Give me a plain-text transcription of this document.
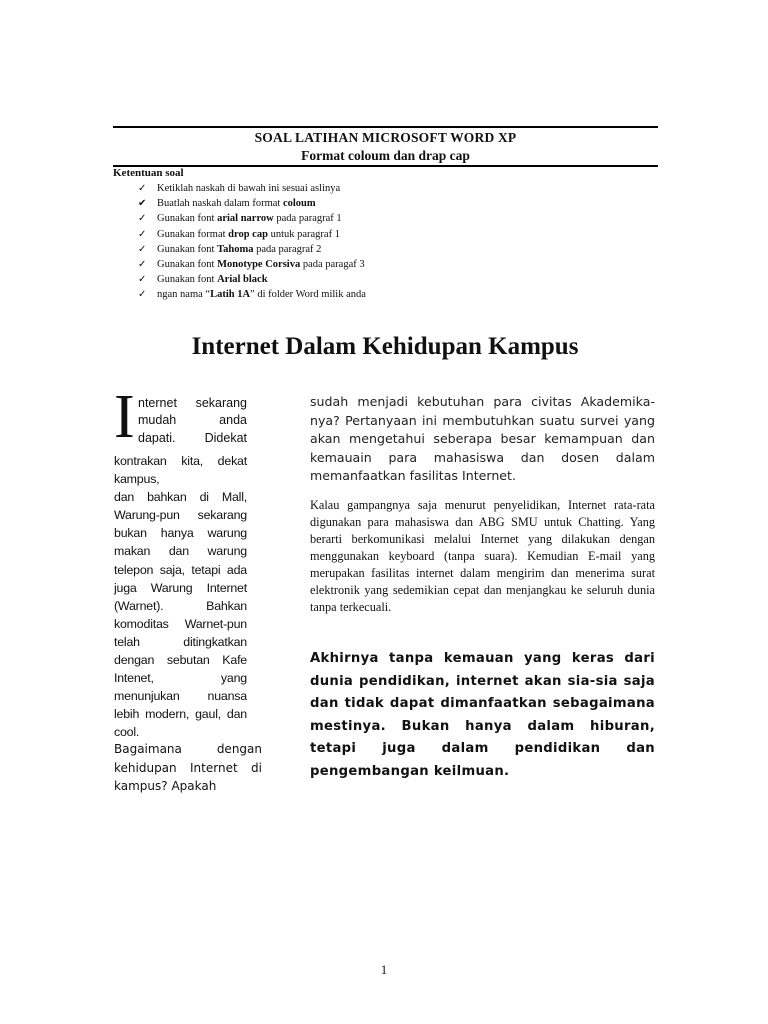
SOAL LATIHAN MICROSOFT WORD XP
Format coloum dan drap cap
Ketentuan soal
✓ Ketiklah naskah di bawah ini sesuai aslinya
✔ Buatlah naskah dalam format coloum
✓ Gunakan font arial narrow pada paragraf 1
✓ Gunakan format drop cap untuk paragraf 1
✓ Gunakan font Tahoma pada paragraf 2
✓ Gunakan font Monotype Corsiva pada paragaf 3
✓ Gunakan font Arial black
✓ ngan nama “Latih 1A” di folder Word milik anda
Internet Dalam Kehidupan Kampus
I nternet sekarang
mudah anda
dapati. Didekat

kontrakan kita, dekat kampus,

dan bahkan di Mall, Warung-pun sekarang bukan hanya warung makan dan warung telepon saja, tetapi ada juga Warung Internet (Warnet). Bahkan komoditas Warnet-pun telah ditingkatkan dengan sebutan Kafe Intenet, yang menunjukan nuansa lebih modern, gaul, dan cool.

Bagaimana dengan kehidupan Internet di kampus? Apakah
sudah menjadi kebutuhan para civitas Akademika-nya? Pertanyaan ini membutuhkan suatu survei yang akan mengetahui seberapa besar kemampuan dan kemauain para mahasiswa dan dosen dalam memanfaatkan fasilitas Internet.
Kalau gampangnya saja menurut penyelidikan, Internet rata-rata digunakan para mahasiswa dan ABG SMU untuk Chatting. Yang berarti berkomunikasi melalui Internet yang dilakukan dengan menggunakan keyboard (tanpa suara). Kemudian E-mail yang merupakan fasilitas internet dalam mengirim dan menerima surat elektronik yang sedemikian cepat dan menjangkau ke seluruh dunia tanpa terkecuali.
Akhirnya tanpa kemauan yang keras dari dunia pendidikan, internet akan sia-sia saja dan tidak dapat dimanfaatkan sebagaimana mestinya. Bukan hanya dalam hiburan, tetapi juga dalam pendidikan dan pengembangan keilmuan.
1
